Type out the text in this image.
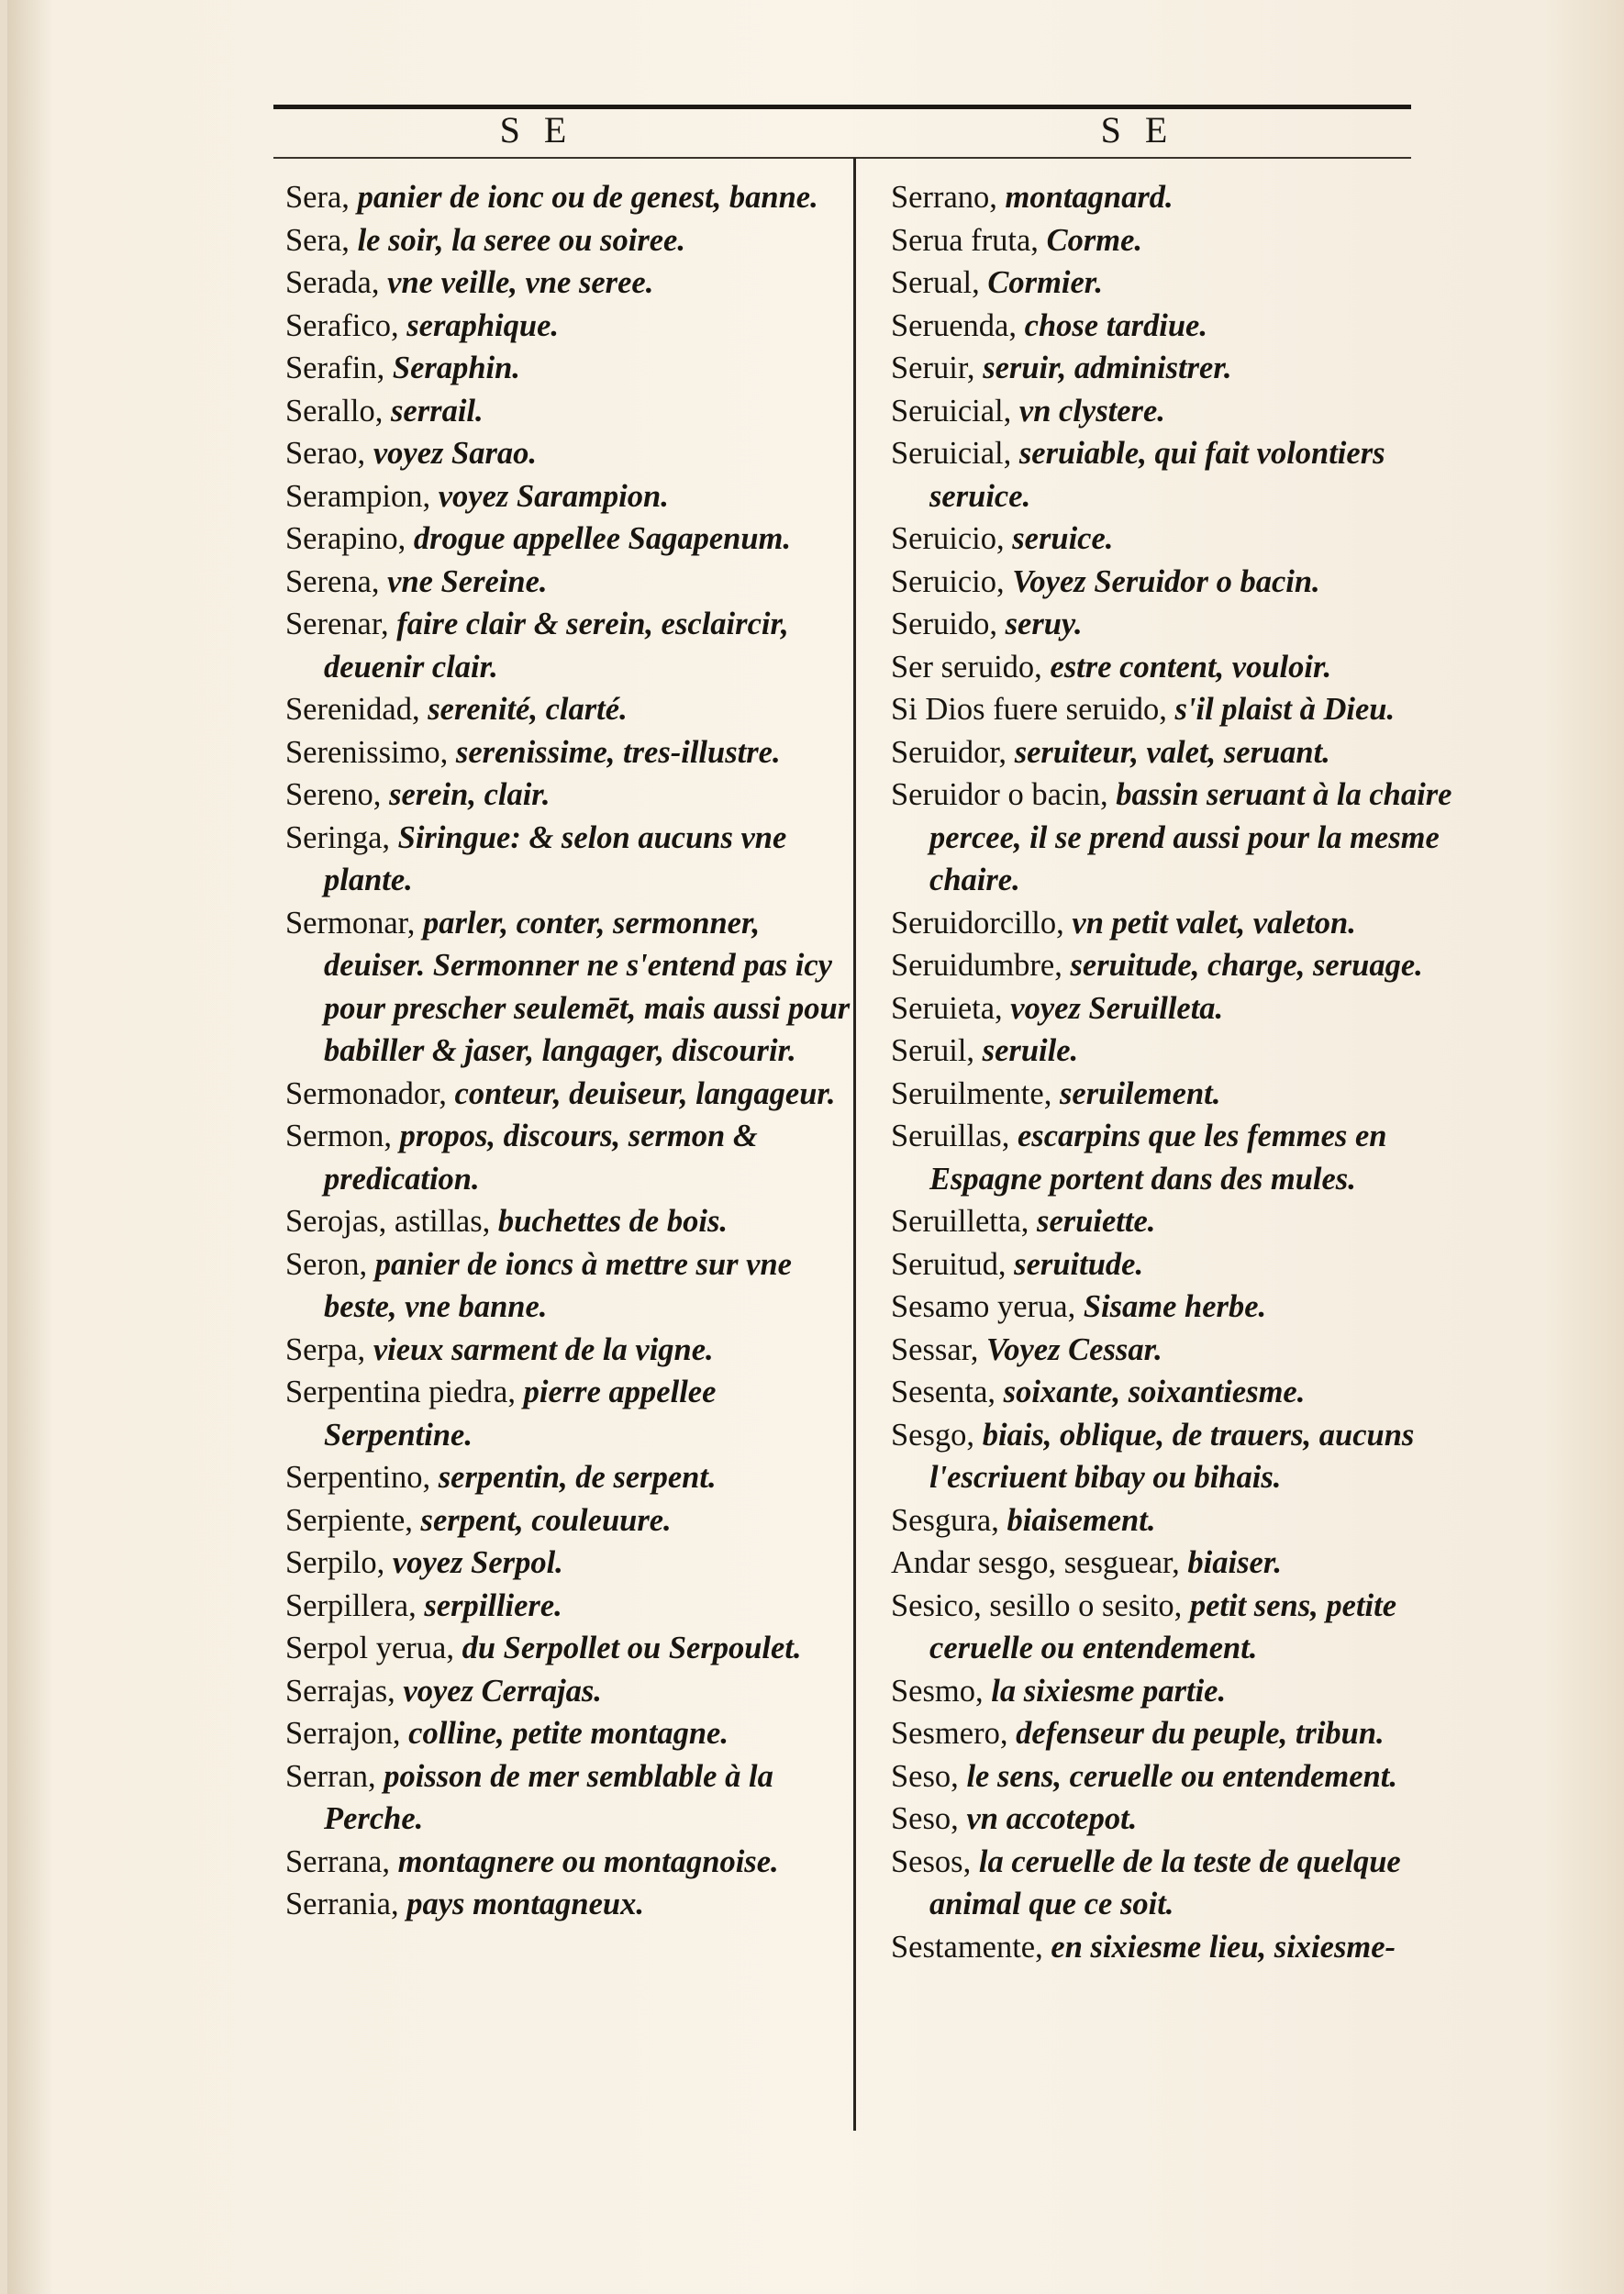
S E	S E

Sera, panier de ionc ou de genest, banne.

Sera, le soir, la seree ou soiree.

Serada, vne veille, vne seree.

Serafico, seraphique.

Serafin, Seraphin.

Serallo, serrail.

Serao, voyez Sarao.

Serampion, voyez Sarampion.

Serapino, drogue appellee Sagapenum.

Serena, vne Sereine.

Serenar, faire clair & serein, esclaircir, deuenir clair.

Serenidad, serenité, clarté.

Serenissimo, serenissime, tres-illustre.

Sereno, serein, clair.

Seringa, Siringue: & selon aucuns vne plante.

Sermonar, parler, conter, sermonner, deuiser. Sermonner ne s'entend pas icy pour prescher seulemēt, mais aussi pour babiller & jaser, langager, discourir.

Sermonador, conteur, deuiseur, langageur.

Sermon, propos, discours, sermon & predication.

Serojas, astillas, buchettes de bois.

Seron, panier de ioncs à mettre sur vne beste, vne banne.

Serpa, vieux sarment de la vigne.

Serpentina piedra, pierre appellee Serpentine.

Serpentino, serpentin, de serpent.

Serpiente, serpent, couleuure.

Serpilo, voyez Serpol.

Serpillera, serpilliere.

Serpol yerua, du Serpollet ou Serpoulet.

Serrajas, voyez Cerrajas.

Serrajon, colline, petite montagne.

Serran, poisson de mer semblable à la Perche.

Serrana, montagnere ou montagnoise.

Serrania, pays montagneux.

Serrano, montagnard.

Serua fruta, Corme.

Serual, Cormier.

Seruenda, chose tardiue.

Seruir, seruir, administrer.

Seruicial, vn clystere.

Seruicial, seruiable, qui fait volontiers seruice.

Seruicio, seruice.

Seruicio, Voyez Seruidor o bacin.

Seruido, seruy.

Ser seruido, estre content, vouloir.

Si Dios fuere seruido, s'il plaist à Dieu.

Seruidor, seruiteur, valet, seruant.

Seruidor o bacin, bassin seruant à la chaire percee, il se prend aussi pour la mesme chaire.

Seruidorcillo, vn petit valet, valeton.

Seruidumbre, seruitude, charge, seruage.

Seruieta, voyez Seruilleta.

Seruil, seruile.

Seruilmente, seruilement.

Seruillas, escarpins que les femmes en Espagne portent dans des mules.

Seruilletta, seruiette.

Seruitud, seruitude.

Sesamo yerua, Sisame herbe.

Sessar, Voyez Cessar.

Sesenta, soixante, soixantiesme.

Sesgo, biais, oblique, de trauers, aucuns l'escriuent bibay ou bihais.

Sesgura, biaisement.

Andar sesgo, sesguear, biaiser.

Sesico, sesillo o sesito, petit sens, petite ceruelle ou entendement.

Sesmo, la sixiesme partie.

Sesmero, defenseur du peuple, tribun.

Seso, le sens, ceruelle ou entendement.

Seso, vn accotepot.

Sesos, la ceruelle de la teste de quelque animal que ce soit.

Sestamente, en sixiesme lieu, sixiesme-
